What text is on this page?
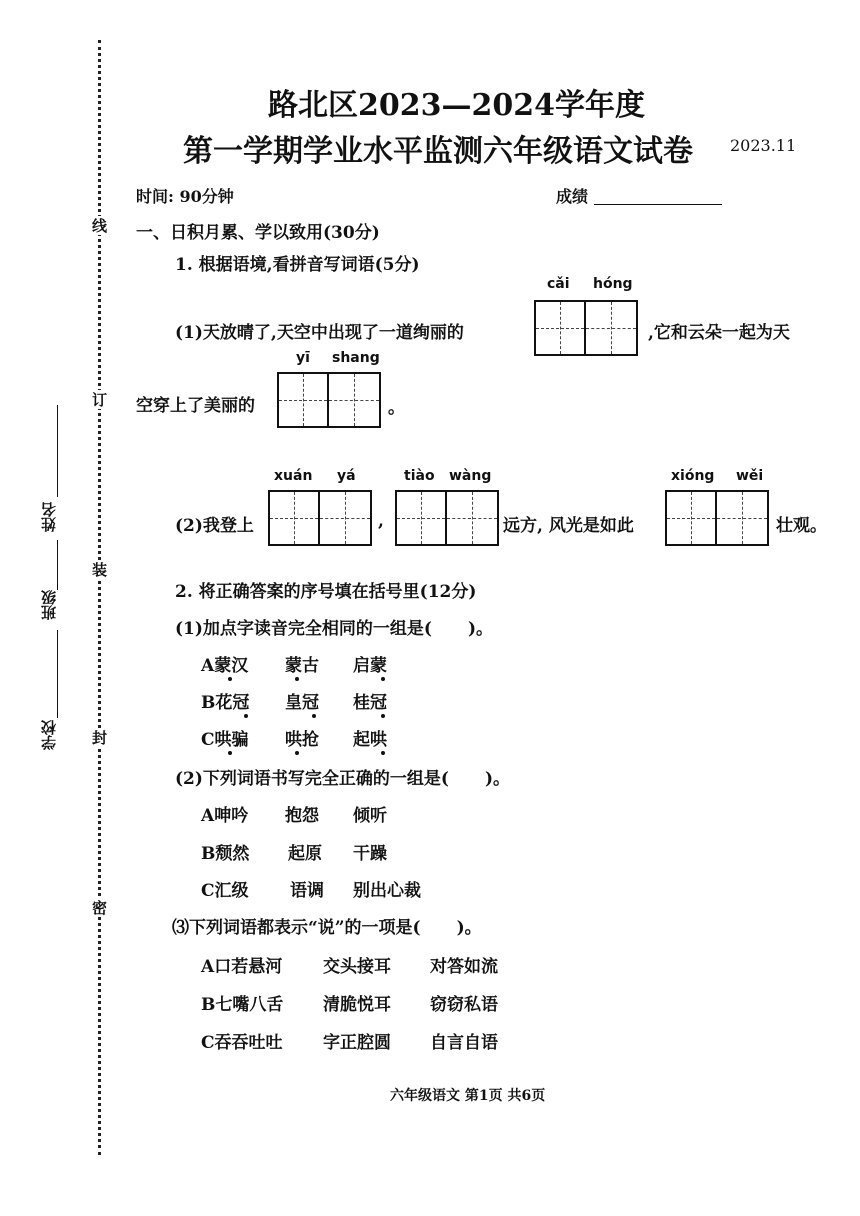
线
订
装
封
密
姓名
班级
学校
路北区2023—2024学年度
第一学期学业水平监测六年级语文试卷 2023.11
时间: 90分钟	成绩
一、日积月累、学以致用(30分)
1. 根据语境,看拼音写词语(5分)
cǎi hóng
(1)天放晴了,天空中出现了一道绚丽的	,它和云朵一起为天
yī shang
空穿上了美丽的	。
xuán yá
(2)我登上	,
tiào wàng
远方, 风光是如此
xióng wěi
壮观。
2. 将正确答案的序号填在括号里(12分)
(1)加点字读音完全相同的一组是( )。
A蒙汉 蒙古 启蒙
B花冠 皇冠 桂冠
C哄骗 哄抢 起哄
(2)下列词语书写完全正确的一组是( )。
A呻吟 抱怨 倾听
B颓然 起原 干躁
C汇级 语调 别出心裁
⑶下列词语都表示“说”的一项是( )。
A口若悬河 交头接耳 对答如流
B七嘴八舌 清脆悦耳 窃窃私语
C吞吞吐吐 字正腔圆 自言自语
六年级语文 第1页 共6页
